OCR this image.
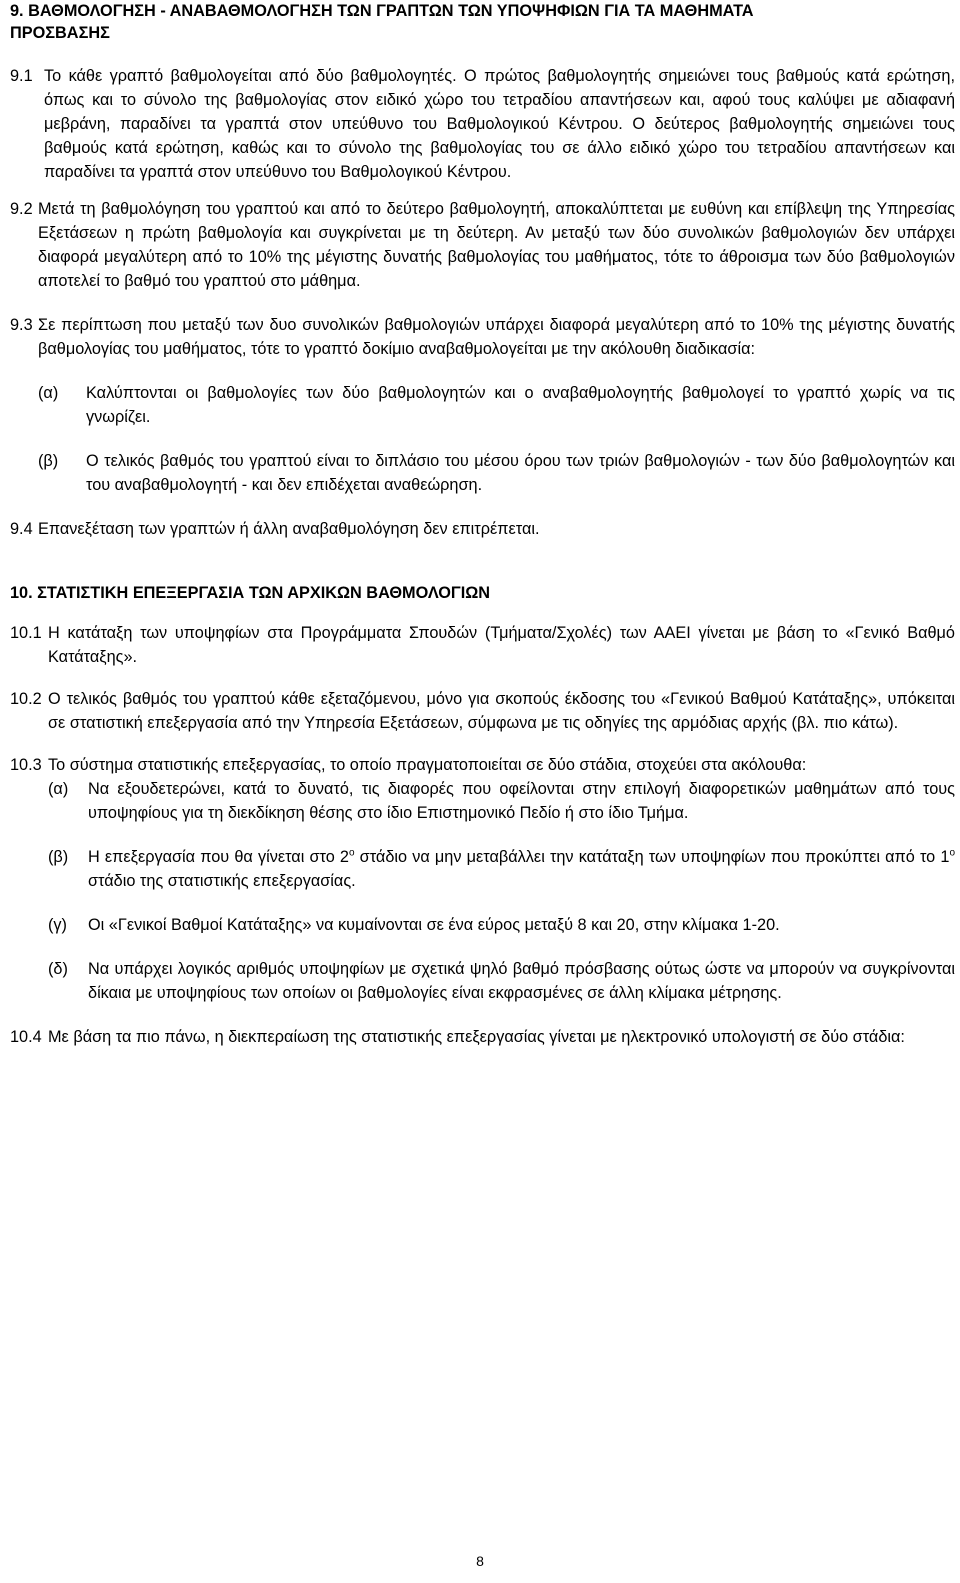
9. ΒΑΘΜΟΛΟΓΗΣΗ - ΑΝΑΒΑΘΜΟΛΟΓΗΣΗ ΤΩΝ ΓΡΑΠΤΩΝ ΤΩΝ ΥΠΟΨΗΦΙΩΝ ΓΙΑ ΤΑ ΜΑΘΗΜΑΤΑ ΠΡΟΣΒΑΣΗΣ
9.1 Το κάθε γραπτό βαθμολογείται από δύο βαθμολογητές. Ο πρώτος βαθμολογητής σημειώνει τους βαθμούς κατά ερώτηση, όπως και το σύνολο της βαθμολογίας στον ειδικό χώρο του τετραδίου απαντήσεων και, αφού τους καλύψει με αδιαφανή μεβράνη, παραδίνει τα γραπτά στον υπεύθυνο του Βαθμολογικού Κέντρου. Ο δεύτερος βαθμολογητής σημειώνει τους βαθμούς κατά ερώτηση, καθώς και το σύνολο της βαθμολογίας του σε άλλο ειδικό χώρο του τετραδίου απαντήσεων και παραδίνει τα γραπτά στον υπεύθυνο του Βαθμολογικού Κέντρου.
9.2 Μετά τη βαθμολόγηση του γραπτού και από το δεύτερο βαθμολογητή, αποκαλύπτεται με ευθύνη και επίβλεψη της Υπηρεσίας Εξετάσεων η πρώτη βαθμολογία και συγκρίνεται με τη δεύτερη. Αν μεταξύ των δύο συνολικών βαθμολογιών δεν υπάρχει διαφορά μεγαλύτερη από το 10% της μέγιστης δυνατής βαθμολογίας του μαθήματος, τότε το άθροισμα των δύο βαθμολογιών αποτελεί το βαθμό του γραπτού στο μάθημα.
9.3 Σε περίπτωση που μεταξύ των δυο συνολικών βαθμολογιών υπάρχει διαφορά μεγαλύτερη από το 10% της μέγιστης δυνατής βαθμολογίας του μαθήματος, τότε το γραπτό δοκίμιο αναβαθμολογείται με την ακόλουθη διαδικασία:
(α)	Καλύπτονται οι βαθμολογίες των δύο βαθμολογητών και ο αναβαθμολογητής βαθμολογεί το γραπτό χωρίς να τις γνωρίζει.
(β)	Ο τελικός βαθμός του γραπτού είναι το διπλάσιο του μέσου όρου των τριών βαθμολογιών - των δύο βαθμολογητών και του αναβαθμολογητή - και δεν επιδέχεται αναθεώρηση.
9.4 Επανεξέταση των γραπτών ή άλλη αναβαθμολόγηση δεν επιτρέπεται.
10. ΣΤΑΤΙΣΤΙΚΗ ΕΠΕΞΕΡΓΑΣΙΑ ΤΩΝ ΑΡΧΙΚΩΝ ΒΑΘΜΟΛΟΓΙΩΝ
10.1 Η κατάταξη των υποψηφίων στα Προγράμματα Σπουδών (Τμήματα/Σχολές) των ΑΑΕΙ γίνεται με βάση το «Γενικό Βαθμό Κατάταξης».
10.2 Ο τελικός βαθμός του γραπτού κάθε εξεταζόμενου, μόνο για σκοπούς έκδοσης του «Γενικού Βαθμού Κατάταξης», υπόκειται σε στατιστική επεξεργασία από την Υπηρεσία Εξετάσεων, σύμφωνα με τις οδηγίες της αρμόδιας αρχής (βλ. πιο κάτω).
10.3 Το σύστημα στατιστικής επεξεργασίας, το οποίο πραγματοποιείται σε δύο στάδια, στοχεύει στα ακόλουθα:
(α)	Να εξουδετερώνει, κατά το δυνατό, τις διαφορές που οφείλονται στην επιλογή διαφορετικών μαθημάτων από τους υποψηφίους για τη διεκδίκηση θέσης στο ίδιο Επιστημονικό Πεδίο ή στο ίδιο Τμήμα.
(β)	Η επεξεργασία που θα γίνεται στο $2^o$ στάδιο να μην μεταβάλλει την κατάταξη των υποψηφίων που προκύπτει από το $1^o$ στάδιο της στατιστικής επεξεργασίας.
(γ)	Οι «Γενικοί Βαθμοί Κατάταξης» να κυμαίνονται σε ένα εύρος μεταξύ 8 και 20, στην κλίμακα 1-20.
(δ)	Να υπάρχει λογικός αριθμός υποψηφίων με σχετικά ψηλό βαθμό πρόσβασης ούτως ώστε να μπορούν να συγκρίνονται δίκαια με υποψηφίους των οποίων οι βαθμολογίες είναι εκφρασμένες σε άλλη κλίμακα μέτρησης.
10.4 Με βάση τα πιο πάνω, η διεκπεραίωση της στατιστικής επεξεργασίας γίνεται με ηλεκτρονικό υπολογιστή σε δύο στάδια:
8
